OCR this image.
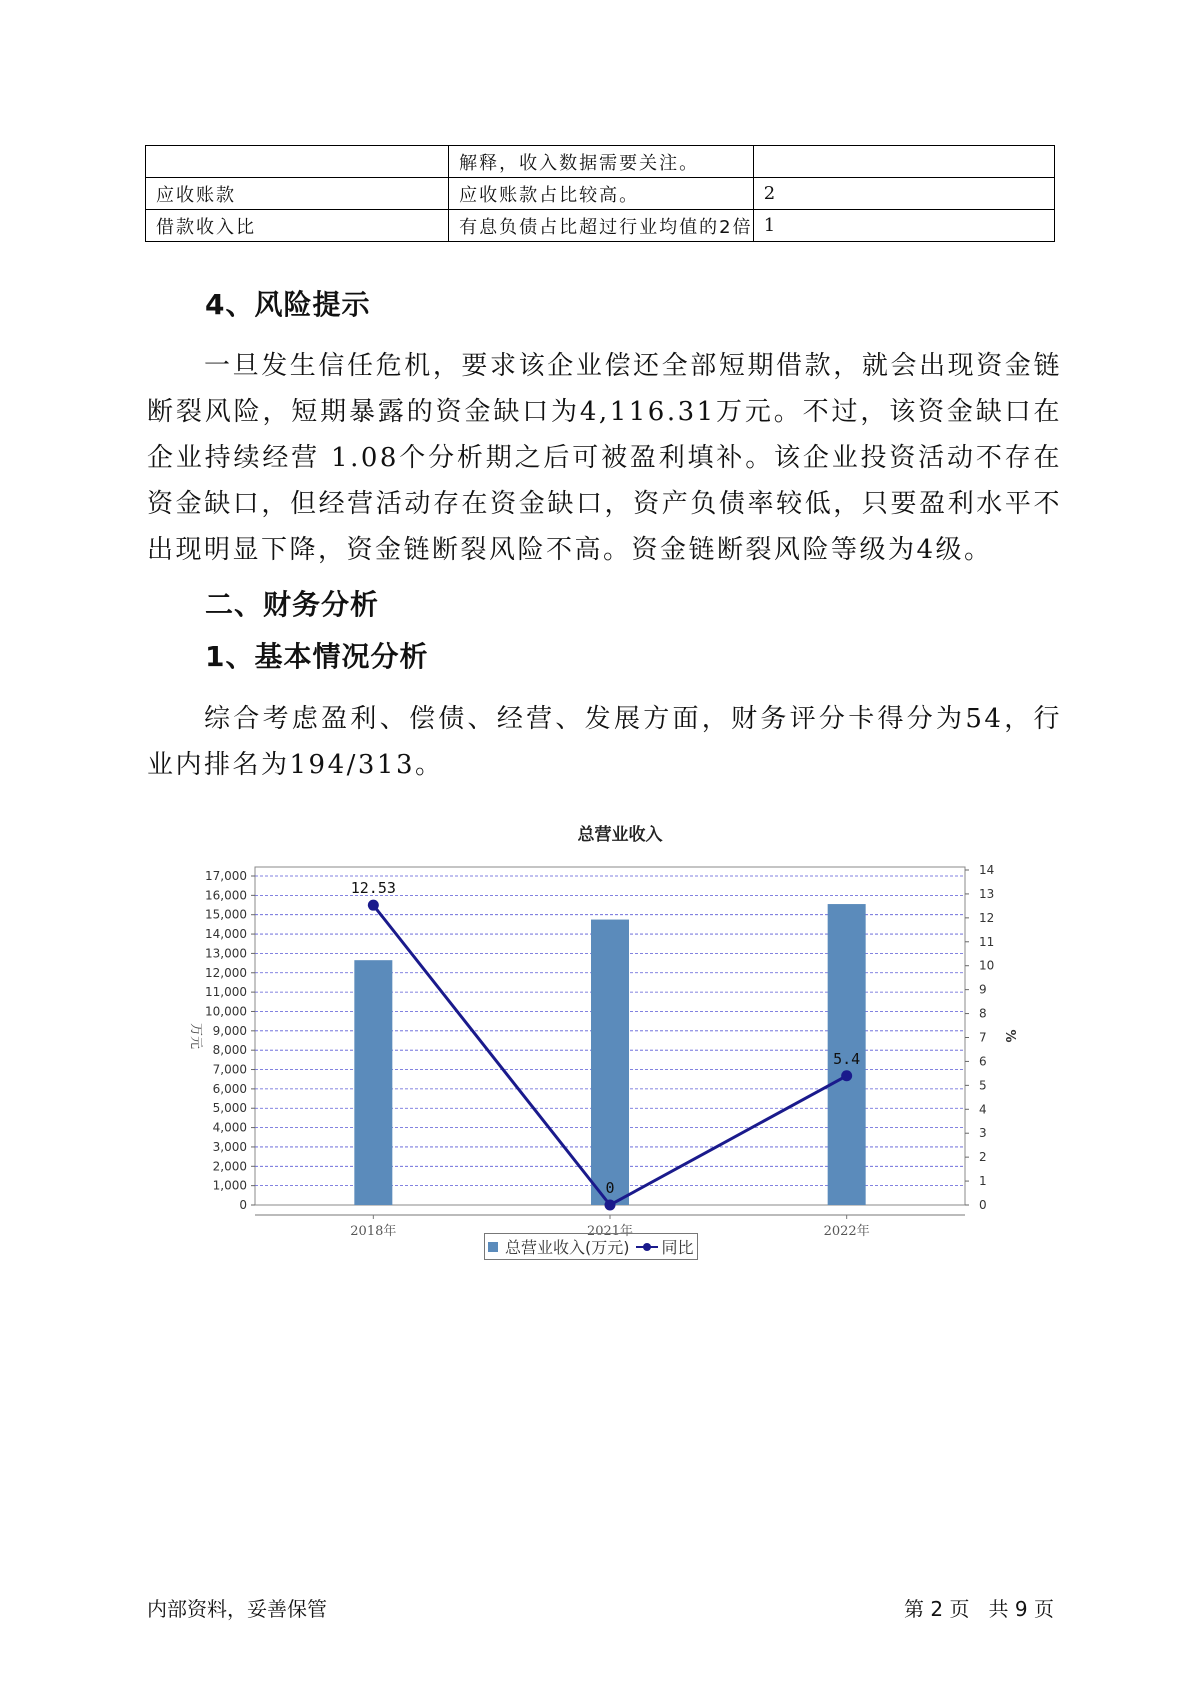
	解释，收入数据需要关注。	
应收账款	应收账款占比较高。	2
借款收入比	有息负债占比超过行业均值的2倍	1
4、风险提示

一旦发生信任危机，要求该企业偿还全部短期借款，就会出现资金链断裂风险，短期暴露的资金缺口为4,116.31万元。不过，该资金缺口在企业持续经营 1.08个分析期之后可被盈利填补。该企业投资活动不存在资金缺口，但经营活动存在资金缺口，资产负债率较低，只要盈利水平不出现明显下降，资金链断裂风险不高。资金链断裂风险等级为4级。

二、财务分析
1、基本情况分析

综合考虑盈利、偿债、经营、发展方面，财务评分卡得分为54，行业内排名为194/313。

总营业收入
0
1,000
2,000
3,000
4,000
5,000
6,000
7,000
8,000
9,000
10,000
11,000
12,000
13,000
14,000
15,000
16,000
17,000
0
1
2
3
4
5
6
7
8
9
10
11
12
13
14
万元	%
2018年	2021年	2022年
12.53
0
5.4
总营业收入(万元) 同比

内部资料，妥善保管	第 2 页   共 9 页
